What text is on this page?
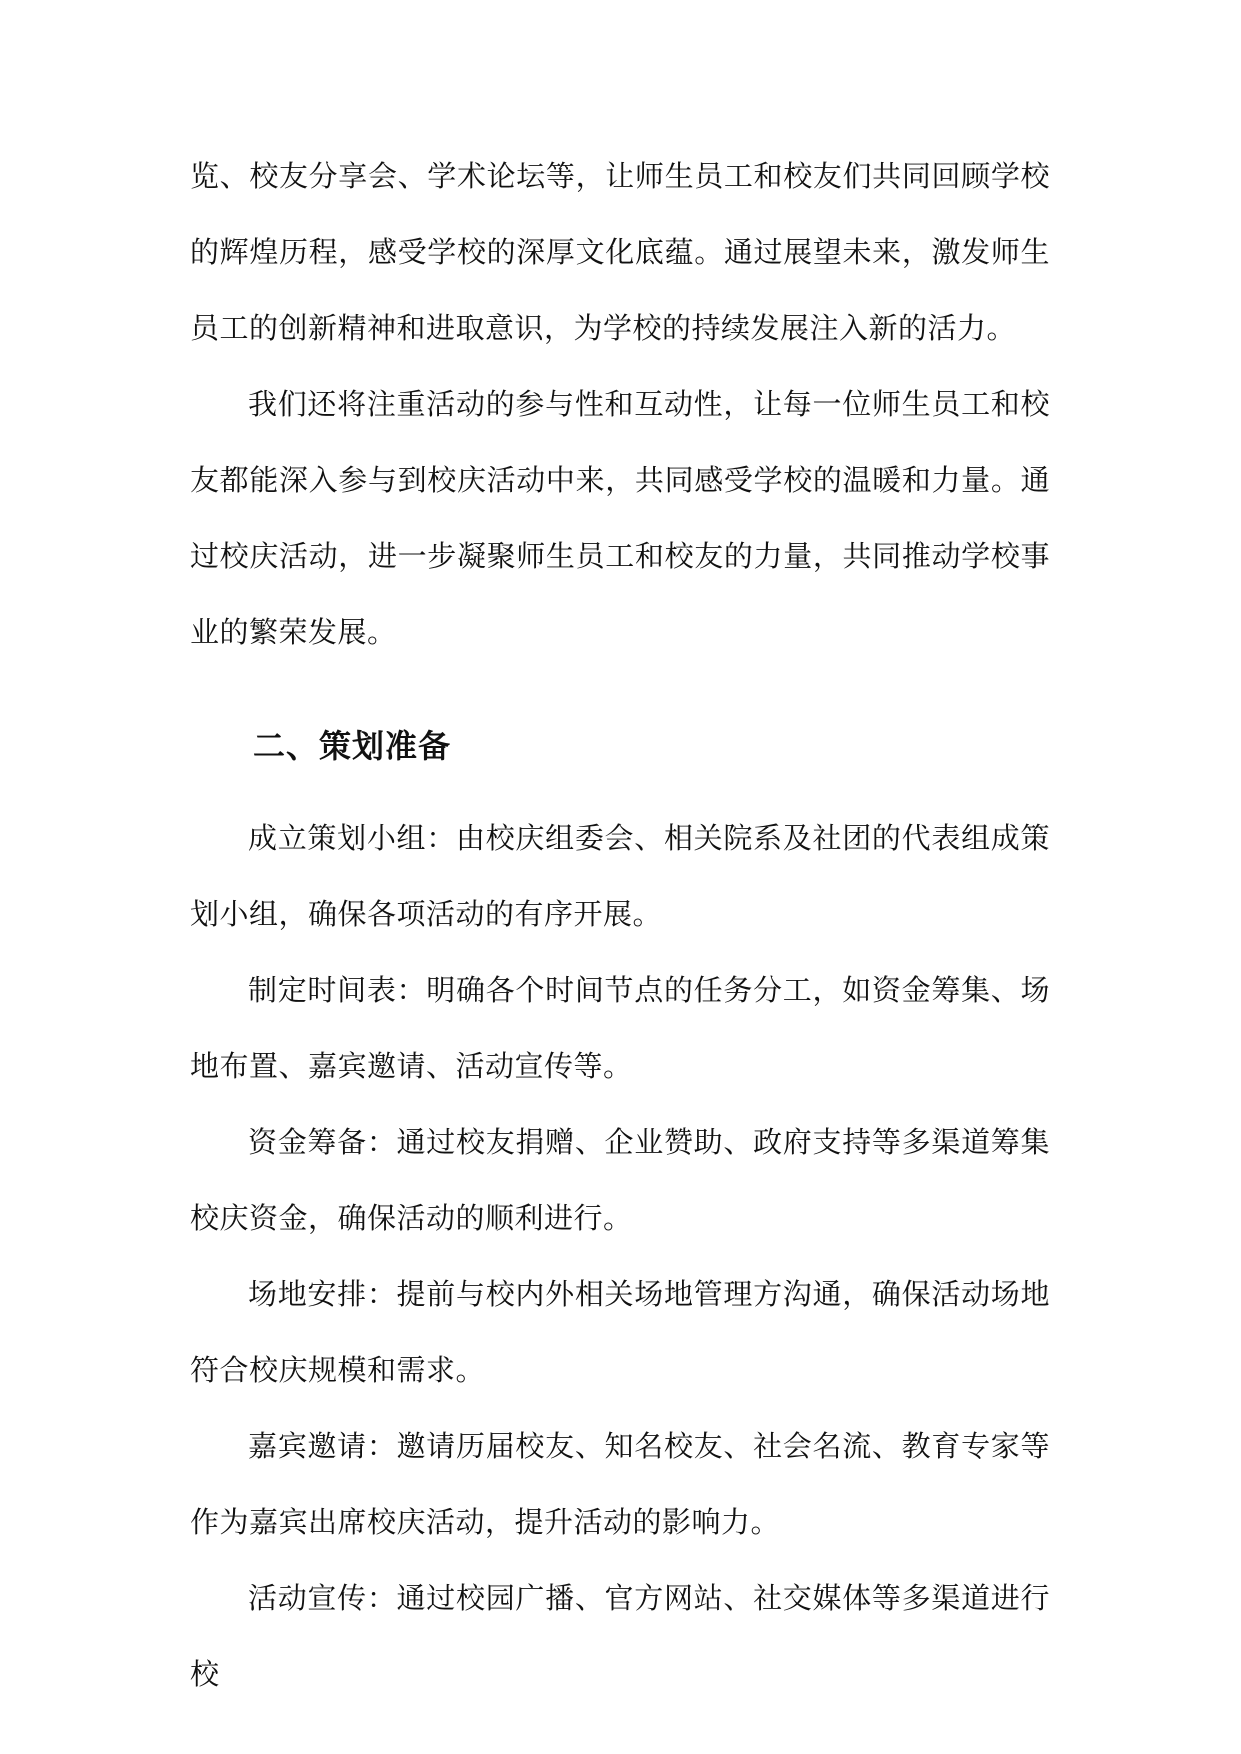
览、校友分享会、学术论坛等，让师生员工和校友们共同回顾学校的辉煌历程，感受学校的深厚文化底蕴。通过展望未来，激发师生员工的创新精神和进取意识，为学校的持续发展注入新的活力。

我们还将注重活动的参与性和互动性，让每一位师生员工和校友都能深入参与到校庆活动中来，共同感受学校的温暖和力量。通过校庆活动，进一步凝聚师生员工和校友的力量，共同推动学校事业的繁荣发展。

二、策划准备

成立策划小组：由校庆组委会、相关院系及社团的代表组成策划小组，确保各项活动的有序开展。

制定时间表：明确各个时间节点的任务分工，如资金筹集、场地布置、嘉宾邀请、活动宣传等。

资金筹备：通过校友捐赠、企业赞助、政府支持等多渠道筹集校庆资金，确保活动的顺利进行。

场地安排：提前与校内外相关场地管理方沟通，确保活动场地符合校庆规模和需求。

嘉宾邀请：邀请历届校友、知名校友、社会名流、教育专家等作为嘉宾出席校庆活动，提升活动的影响力。

活动宣传：通过校园广播、官方网站、社交媒体等多渠道进行校
